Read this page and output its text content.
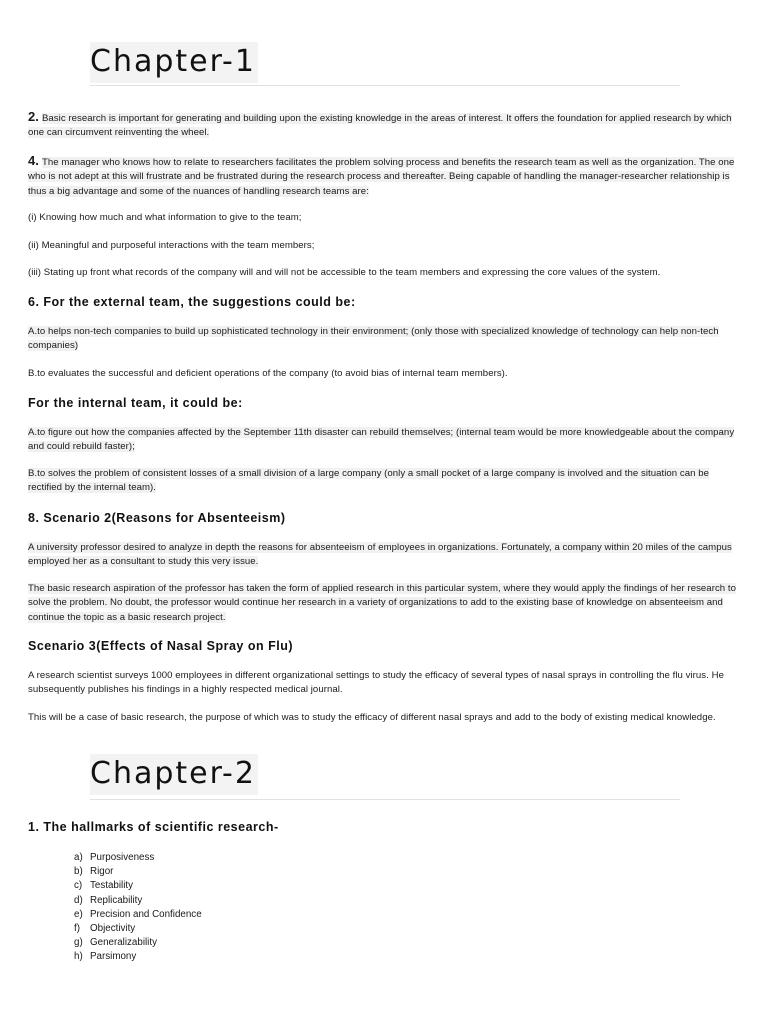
Chapter-1

2. Basic research is important for generating and building upon the existing knowledge in the areas of interest. It offers the foundation for applied research by which one can circumvent reinventing the wheel.

4. The manager who knows how to relate to researchers facilitates the problem solving process and benefits the research team as well as the organization. The one who is not adept at this will frustrate and be frustrated during the research process and thereafter. Being capable of handling the manager-researcher relationship is thus a big advantage and some of the nuances of handling research teams are:

(i) Knowing how much and what information to give to the team;

(ii) Meaningful and purposeful interactions with the team members;

(iii) Stating up front what records of the company will and will not be accessible to the team members and expressing the core values of the system.

6. For the external team, the suggestions could be:

A.to helps non-tech companies to build up sophisticated technology in their environment; (only those with specialized knowledge of technology can help non-tech companies)

B.to evaluates the successful and deficient operations of the company (to avoid bias of internal team members).

For the internal team, it could be:

A.to figure out how the companies affected by the September 11th disaster can rebuild themselves; (internal team would be more knowledgeable about the company and could rebuild faster);

B.to solves the problem of consistent losses of a small division of a large company (only a small pocket of a large company is involved and the situation can be rectified by the internal team).

8. Scenario 2(Reasons for Absenteeism)

A university professor desired to analyze in depth the reasons for absenteeism of employees in organizations. Fortunately, a company within 20 miles of the campus employed her as a consultant to study this very issue.

The basic research aspiration of the professor has taken the form of applied research in this particular system, where they would apply the findings of her research to solve the problem. No doubt, the professor would continue her research in a variety of organizations to add to the existing base of knowledge on absenteeism and continue the topic as a basic research project.

Scenario 3(Effects of Nasal Spray on Flu)

A research scientist surveys 1000 employees in different organizational settings to study the efficacy of several types of nasal sprays in controlling the flu virus. He subsequently publishes his findings in a highly respected medical journal.

This will be a case of basic research, the purpose of which was to study the efficacy of different nasal sprays and add to the body of existing medical knowledge.

Chapter-2
1. The hallmarks of scientific research-
a) Purposiveness
b) Rigor
c) Testability
d) Replicability
e) Precision and Confidence
f)	Objectivity
g) Generalizability
h) Parsimony
